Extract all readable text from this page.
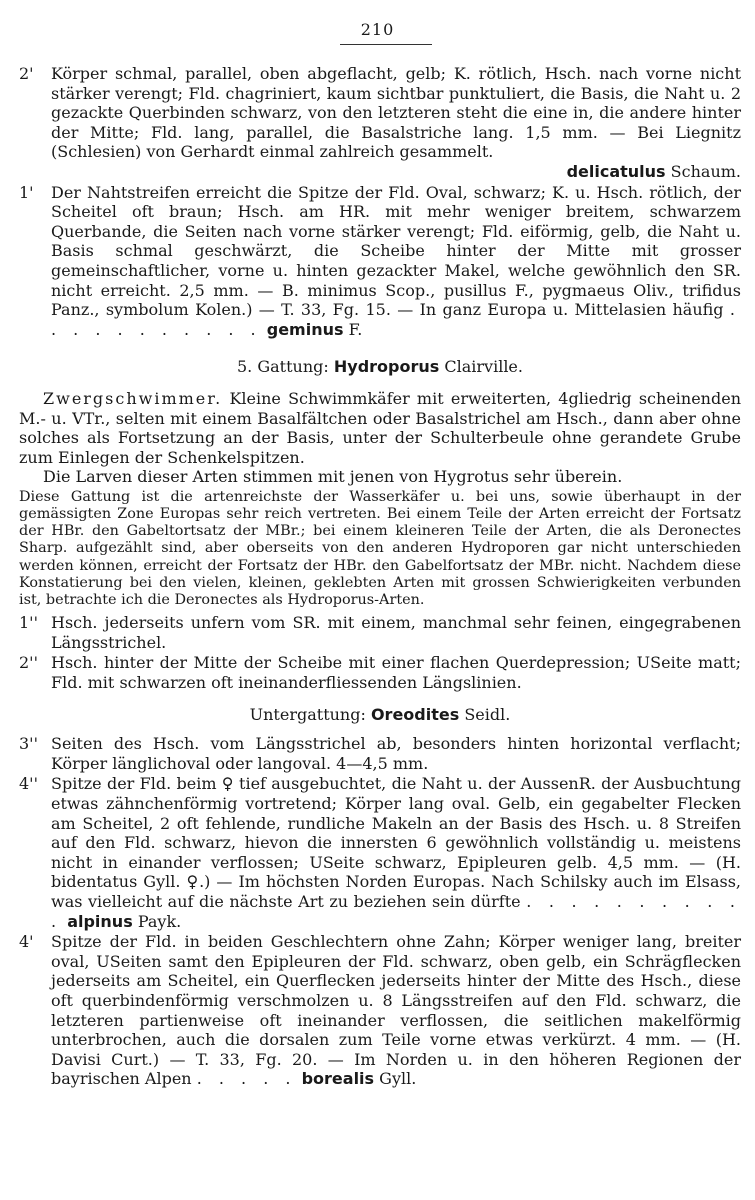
210
2' Körper schmal, parallel, oben abgeflacht, gelb; K. rötlich, Hsch. nach vorne nicht stärker verengt; Fld. chagriniert, kaum sichtbar punktuliert, die Basis, die Naht u. 2 gezackte Querbinden schwarz, von den letzteren steht die eine in, die andere hinter der Mitte; Fld. lang, parallel, die Basalstriche lang. 1,5 mm. — Bei Liegnitz (Schlesien) von Gerhardt einmal zahlreich gesammelt.
delicatulus Schaum.
1' Der Nahtstreifen erreicht die Spitze der Fld. Oval, schwarz; K. u. Hsch. rötlich, der Scheitel oft braun; Hsch. am HR. mit mehr weniger breitem, schwarzem Querbande, die Seiten nach vorne stärker verengt; Fld. eiförmig, gelb, die Naht u. Basis schmal geschwärzt, die Scheibe hinter der Mitte mit grosser gemeinschaftlicher, vorne u. hinten gezackter Makel, welche gewöhnlich den SR. nicht erreicht. 2,5 mm. — B. minimus Scop., pusillus F., pygmaeus Oliv., trifidus Panz., symbolum Kolen.) — T. 33, Fg. 15. — In ganz Europa u. Mittelasien häufig . . . . . . . . . . . geminus F.
5. Gattung: Hydroporus Clairville.
Zwergschwimmer. Kleine Schwimmkäfer mit erweiterten, 4gliedrig scheinenden M.- u. VTr., selten mit einem Basalfältchen oder Basalstrichel am Hsch., dann aber ohne solches als Fortsetzung an der Basis, unter der Schulterbeule ohne gerandete Grube zum Einlegen der Schenkelspitzen.
Die Larven dieser Arten stimmen mit jenen von Hygrotus sehr überein.
Diese Gattung ist die artenreichste der Wasserkäfer u. bei uns, sowie überhaupt in der gemässigten Zone Europas sehr reich vertreten. Bei einem Teile der Arten erreicht der Fortsatz der HBr. den Gabeltortsatz der MBr.; bei einem kleineren Teile der Arten, die als Deronectes Sharp. aufgezählt sind, aber oberseits von den anderen Hydroporen gar nicht unterschieden werden können, erreicht der Fortsatz der HBr. den Gabelfortsatz der MBr. nicht. Nachdem diese Konstatierung bei den vielen, kleinen, geklebten Arten mit grossen Schwierigkeiten verbunden ist, betrachte ich die Deronectes als Hydroporus-Arten.
1'' Hsch. jederseits unfern vom SR. mit einem, manchmal sehr feinen, eingegrabenen Längsstrichel.
2'' Hsch. hinter der Mitte der Scheibe mit einer flachen Querdepression; USeite matt; Fld. mit schwarzen oft ineinanderfliessenden Längslinien.
Untergattung: Oreodites Seidl.
3'' Seiten des Hsch. vom Längsstrichel ab, besonders hinten horizontal verflacht; Körper länglichoval oder langoval. 4—4,5 mm.
4'' Spitze der Fld. beim ♀ tief ausgebuchtet, die Naht u. der AussenR. der Ausbuchtung etwas zähnchenförmig vortretend; Körper lang oval. Gelb, ein gegabelter Flecken am Scheitel, 2 oft fehlende, rundliche Makeln an der Basis des Hsch. u. 8 Streifen auf den Fld. schwarz, hievon die innersten 6 gewöhnlich vollständig u. meistens nicht in einander verflossen; USeite schwarz, Epipleuren gelb. 4,5 mm. — (H. bidentatus Gyll. ♀.) — Im höchsten Norden Europas. Nach Schilsky auch im Elsass, was vielleicht auf die nächste Art zu beziehen sein dürfte . . . . . . . . . . . alpinus Payk.
4' Spitze der Fld. in beiden Geschlechtern ohne Zahn; Körper weniger lang, breiter oval, USeiten samt den Epipleuren der Fld. schwarz, oben gelb, ein Schrägflecken jederseits am Scheitel, ein Querflecken jederseits hinter der Mitte des Hsch., diese oft querbindenförmig verschmolzen u. 8 Längsstreifen auf den Fld. schwarz, die letzteren partienweise oft ineinander verflossen, die seitlichen makelförmig unterbrochen, auch die dorsalen zum Teile vorne etwas verkürzt. 4 mm. — (H. Davisi Curt.) — T. 33, Fg. 20. — Im Norden u. in den höheren Regionen der bayrischen Alpen . . . . . borealis Gyll.
